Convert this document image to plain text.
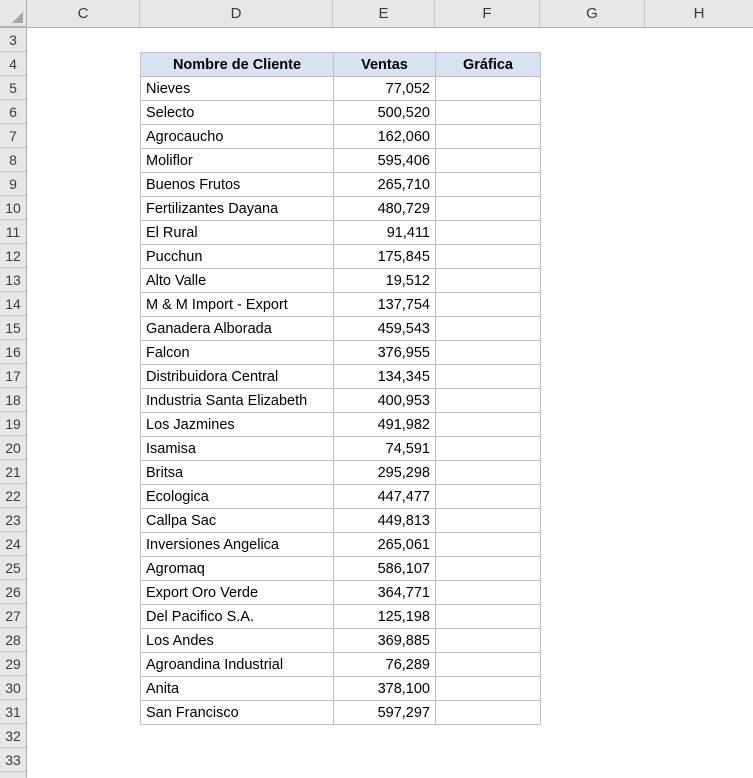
C	D	E	F	G	H
3
4
5
6
7
8
9
10
11
12
13
14
15
16
17
18
19
20
21
22
23
24
25
26
27
28
29
30
31
32
33
Nombre de Cliente	Ventas	Gráfica
Nieves	77,052	
Selecto	500,520	
Agrocaucho	162,060	
Moliflor	595,406	
Buenos Frutos	265,710	
Fertilizantes Dayana	480,729	
El Rural	91,411	
Pucchun	175,845	
Alto Valle	19,512	
M & M Import - Export	137,754	
Ganadera Alborada	459,543	
Falcon	376,955	
Distribuidora Central	134,345	
Industria Santa Elizabeth	400,953	
Los Jazmines	491,982	
Isamisa	74,591	
Britsa	295,298	
Ecologica	447,477	
Callpa Sac	449,813	
Inversiones Angelica	265,061	
Agromaq	586,107	
Export Oro Verde	364,771	
Del Pacifico S.A.	125,198	
Los Andes	369,885	
Agroandina Industrial	76,289	
Anita	378,100	
San Francisco	597,297	
